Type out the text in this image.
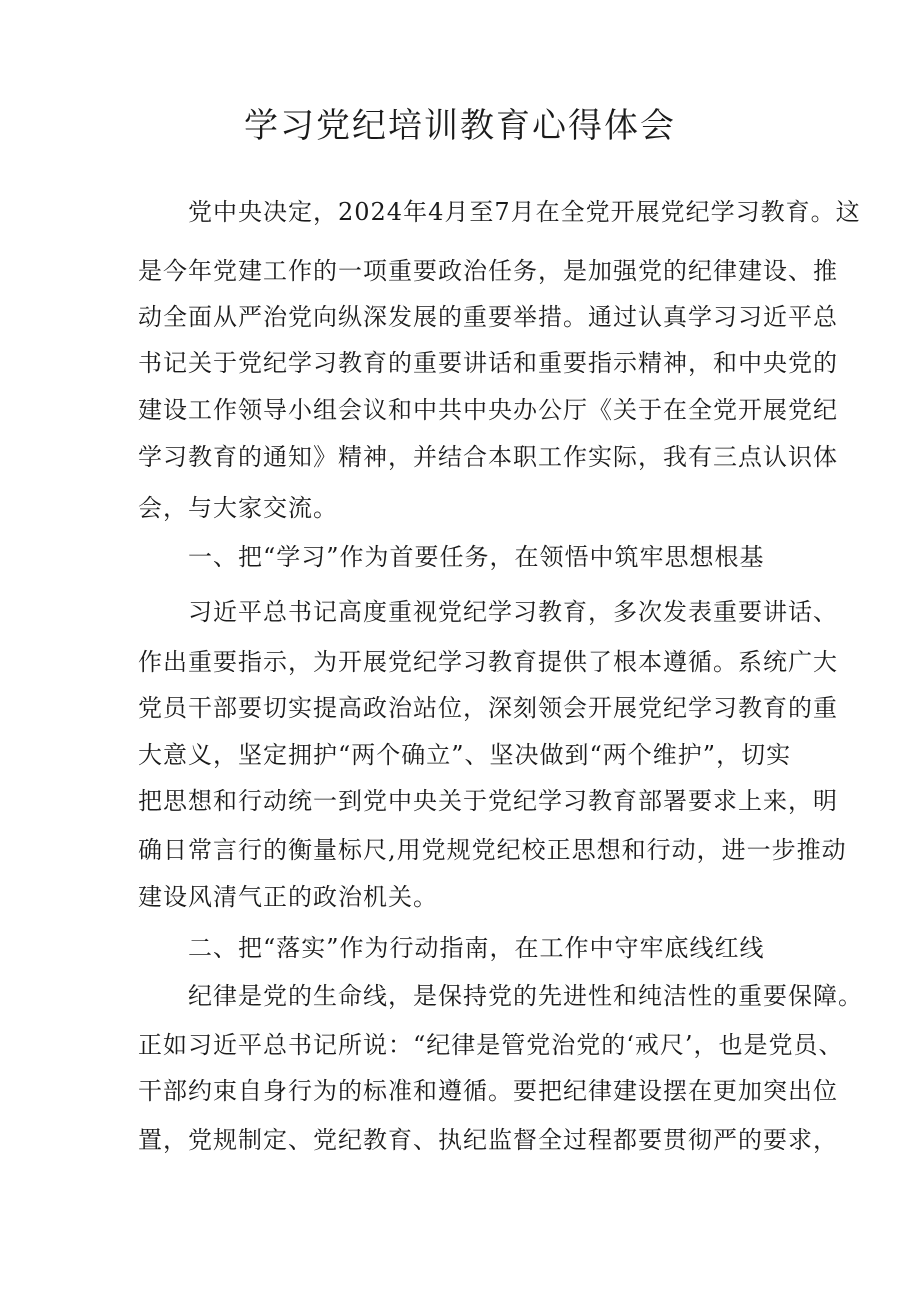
学习党纪培训教育心得体会
党中央决定，2024年4月至7月在全党开展党纪学习教育。这
是今年党建工作的一项重要政治任务，是加强党的纪律建设、推
动全面从严治党向纵深发展的重要举措。通过认真学习习近平总
书记关于党纪学习教育的重要讲话和重要指示精神，和中央党的
建设工作领导小组会议和中共中央办公厅《关于在全党开展党纪
学习教育的通知》精神，并结合本职工作实际，我有三点认识体
会，与大家交流。
一、把“学习”作为首要任务，在领悟中筑牢思想根基
习近平总书记高度重视党纪学习教育，多次发表重要讲话、
作出重要指示，为开展党纪学习教育提供了根本遵循。系统广大
党员干部要切实提高政治站位，深刻领会开展党纪学习教育的重
大意义，坚定拥护“两个确立”、坚决做到“两个维护”，切实
把思想和行动统一到党中央关于党纪学习教育部署要求上来，明
确日常言行的衡量标尺,用党规党纪校正思想和行动，进一步推动
建设风清气正的政治机关。
二、把“落实”作为行动指南，在工作中守牢底线红线
纪律是党的生命线，是保持党的先进性和纯洁性的重要保障。
正如习近平总书记所说：“纪律是管党治党的‘戒尺’，也是党员、
干部约束自身行为的标准和遵循。要把纪律建设摆在更加突出位
置，党规制定、党纪教育、执纪监督全过程都要贯彻严的要求，
